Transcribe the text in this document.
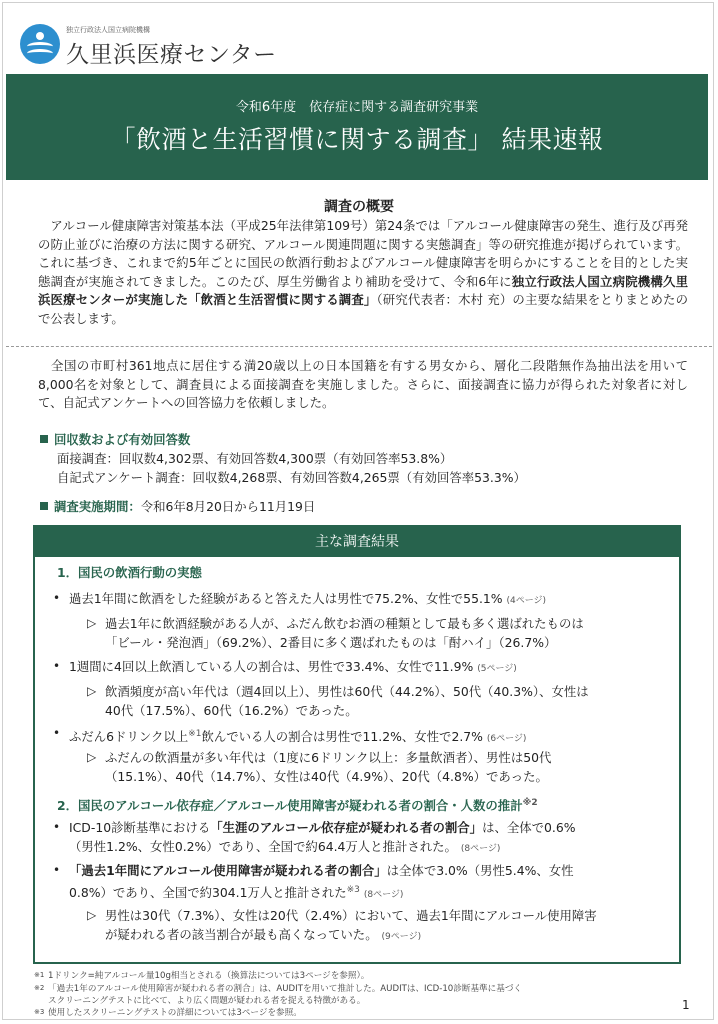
独立行政法人国立病院機構
久里浜医療センター
令和6年度　依存症に関する調査研究事業
「飲酒と生活習慣に関する調査」 結果速報
調査の概要
　アルコール健康障害対策基本法（平成25年法律第109号）第24条では「アルコール健康障害の発生、進行及び再発の防止並びに治療の方法に関する研究、アルコール関連問題に関する実態調査」等の研究推進が掲げられています。これに基づき、これまで約5年ごとに国民の飲酒行動およびアルコール健康障害を明らかにすることを目的とした実態調査が実施されてきました。このたび、厚生労働省より補助を受けて、令和6年に独立行政法人国立病院機構久里浜医療センターが実施した「飲酒と生活習慣に関する調査」（研究代表者：木村 充）の主要な結果をとりまとめたので公表します。
　全国の市町村361地点に居住する満20歳以上の日本国籍を有する男女から、層化二段階無作為抽出法を用いて8,000名を対象として、調査員による面接調査を実施しました。さらに、面接調査に協力が得られた対象者に対して、自記式アンケートへの回答協力を依頼しました。
回収数および有効回答数
面接調査：回収数4,302票、有効回答数4,300票（有効回答率53.8%）
自記式アンケート調査：回収数4,268票、有効回答数4,265票（有効回答率53.3%）
調査実施期間：令和6年8月20日から11月19日
主な調査結果
1．国民の飲酒行動の実態
• 過去1年間に飲酒をした経験があると答えた人は男性で75.2%、女性で55.1% (4ページ)
▷ 過去1年に飲酒経験がある人が、ふだん飲むお酒の種類として最も多く選ばれたものは
「ビール・発泡酒」（69.2%）、2番目に多く選ばれたものは「酎ハイ」（26.7%）
• 1週間に4回以上飲酒している人の割合は、男性で33.4%、女性で11.9% (5ページ)
▷ 飲酒頻度が高い年代は（週4回以上）、男性は60代（44.2%）、50代（40.3%）、女性は
40代（17.5%）、60代（16.2%）であった。
• ふだん6ドリンク以上$^{※1}$飲んでいる人の割合は男性で11.2%、女性で2.7% (6ページ)
▷ ふだんの飲酒量が多い年代は（1度に6ドリンク以上：多量飲酒者）、男性は50代
（15.1%）、40代（14.7%）、女性は40代（4.9%）、20代（4.8%）であった。
2．国民のアルコール依存症／アルコール使用障害が疑われる者の割合・人数の推計$^{※2}$
• ICD-10診断基準における「生涯のアルコール依存症が疑われる者の割合」は、全体で0.6%
（男性1.2%、女性0.2%）であり、全国で約64.4万人と推計された。 (8ページ)
• 「過去1年間にアルコール使用障害が疑われる者の割合」は全体で3.0%（男性5.4%、女性
0.8%）であり、全国で約304.1万人と推計された$^{※3}$ (8ページ)
▷ 男性は30代（7.3%）、女性は20代（2.4%）において、過去1年間にアルコール使用障害
が疑われる者の該当割合が最も高くなっていた。 (9ページ)
※1 1ドリンク=純アルコール量10g相当とされる（換算法については3ページを参照）。
※2 「過去1年のアルコール使用障害が疑われる者の割合」は、AUDITを用いて推計した。AUDITは、ICD-10診断基準に基づく
スクリーニングテストに比べて、より広く問題が疑われる者を捉える特徴がある。
※3 使用したスクリーニングテストの詳細については3ページを参照。
1
